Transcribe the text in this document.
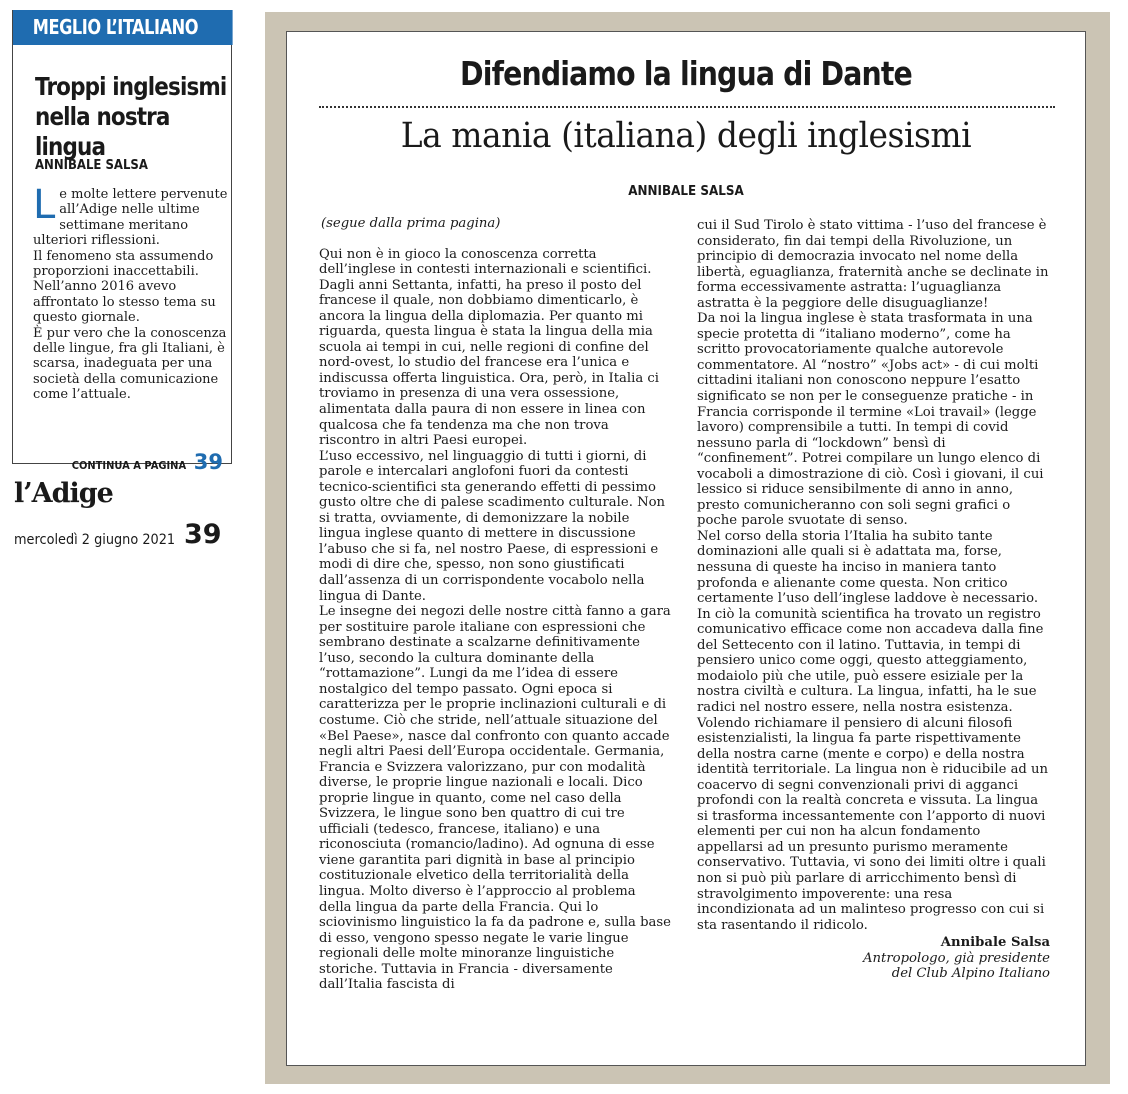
MEGLIO L’ITALIANO
Troppi inglesismi nella nostra lingua
ANNIBALE SALSA

Le molte lettere pervenute all’Adige nelle ultime settimane meritano ulteriori riflessioni.

Il fenomeno sta assumendo proporzioni inaccettabili. Nell’anno 2016 avevo affrontato lo stesso tema su questo giornale.

È pur vero che la conoscenza delle lingue, fra gli Italiani, è scarsa, inadeguata per una società della comunicazione come l’attuale.

CONTINUA A PAGINA 39
l’Adige
mercoledì 2 giugno 2021 39
Difendiamo la lingua di Dante
La mania (italiana) degli inglesismi
ANNIBALE SALSA

(segue dalla prima pagina)

Qui non è in gioco la conoscenza corretta dell’inglese in contesti internazionali e scientifici. Dagli anni Settanta, infatti, ha preso il posto del francese il quale, non dobbiamo dimenticarlo, è ancora la lingua della diplomazia. Per quanto mi riguarda, questa lingua è stata la lingua della mia scuola ai tempi in cui, nelle regioni di confine del nord-ovest, lo studio del francese era l’unica e indiscussa offerta linguistica. Ora, però, in Italia ci troviamo in presenza di una vera ossessione, alimentata dalla paura di non essere in linea con qualcosa che fa tendenza ma che non trova riscontro in altri Paesi europei.

L’uso eccessivo, nel linguaggio di tutti i giorni, di parole e intercalari anglofoni fuori da contesti tecnico-scientifici sta generando effetti di pessimo gusto oltre che di palese scadimento culturale. Non si tratta, ovviamente, di demonizzare la nobile lingua inglese quanto di mettere in discussione l’abuso che si fa, nel nostro Paese, di espressioni e modi di dire che, spesso, non sono giustificati dall’assenza di un corrispondente vocabolo nella lingua di Dante.

Le insegne dei negozi delle nostre città fanno a gara per sostituire parole italiane con espressioni che sembrano destinate a scalzarne definitivamente l’uso, secondo la cultura dominante della “rottamazione”. Lungi da me l’idea di essere nostalgico del tempo passato. Ogni epoca si caratterizza per le proprie inclinazioni culturali e di costume. Ciò che stride, nell’attuale situazione del «Bel Paese», nasce dal confronto con quanto accade negli altri Paesi dell’Europa occidentale. Germania, Francia e Svizzera valorizzano, pur con modalità diverse, le proprie lingue nazionali e locali. Dico proprie lingue in quanto, come nel caso della Svizzera, le lingue sono ben quattro di cui tre ufficiali (tedesco, francese, italiano) e una riconosciuta (romancio/ladino). Ad ognuna di esse viene garantita pari dignità in base al principio costituzionale elvetico della territorialità della lingua. Molto diverso è l’approccio al problema della lingua da parte della Francia. Qui lo sciovinismo linguistico la fa da padrone e, sulla base di esso, vengono spesso negate le varie lingue regionali delle molte minoranze linguistiche storiche. Tuttavia in Francia - diversamente dall’Italia fascista di

cui il Sud Tirolo è stato vittima - l’uso del francese è considerato, fin dai tempi della Rivoluzione, un principio di democrazia invocato nel nome della libertà, eguaglianza, fraternità anche se declinate in forma eccessivamente astratta: l’uguaglianza astratta è la peggiore delle disuguaglianze!

Da noi la lingua inglese è stata trasformata in una specie protetta di “italiano moderno”, come ha scritto provocatoriamente qualche autorevole commentatore. Al “nostro” «Jobs act» - di cui molti cittadini italiani non conoscono neppure l’esatto significato se non per le conseguenze pratiche - in Francia corrisponde il termine «Loi travail» (legge lavoro) comprensibile a tutti. In tempi di covid nessuno parla di “lockdown” bensì di “confinement”. Potrei compilare un lungo elenco di vocaboli a dimostrazione di ciò. Così i giovani, il cui lessico si riduce sensibilmente di anno in anno, presto comunicheranno con soli segni grafici o poche parole svuotate di senso.

Nel corso della storia l’Italia ha subito tante dominazioni alle quali si è adattata ma, forse, nessuna di queste ha inciso in maniera tanto profonda e alienante come questa. Non critico certamente l’uso dell’inglese laddove è necessario. In ciò la comunità scientifica ha trovato un registro comunicativo efficace come non accadeva dalla fine del Settecento con il latino. Tuttavia, in tempi di pensiero unico come oggi, questo atteggiamento, modaiolo più che utile, può essere esiziale per la nostra civiltà e cultura. La lingua, infatti, ha le sue radici nel nostro essere, nella nostra esistenza. Volendo richiamare il pensiero di alcuni filosofi esistenzialisti, la lingua fa parte rispettivamente della nostra carne (mente e corpo) e della nostra identità territoriale. La lingua non è riducibile ad un coacervo di segni convenzionali privi di agganci profondi con la realtà concreta e vissuta. La lingua si trasforma incessantemente con l’apporto di nuovi elementi per cui non ha alcun fondamento appellarsi ad un presunto purismo meramente conservativo. Tuttavia, vi sono dei limiti oltre i quali non si può più parlare di arricchimento bensì di stravolgimento impoverente: una resa incondizionata ad un malinteso progresso con cui si sta rasentando il ridicolo.

Annibale Salsa

Antropologo, già presidente

del Club Alpino Italiano
